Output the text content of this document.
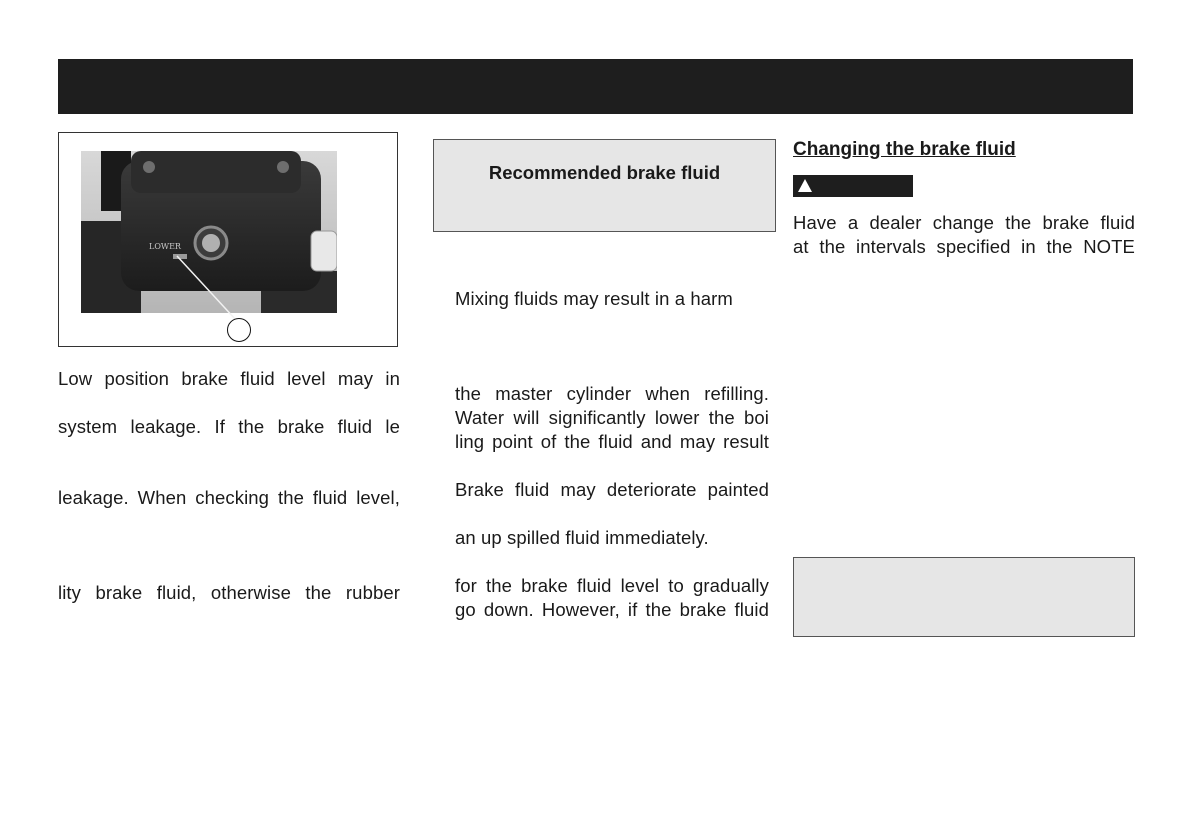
LOWER
Low position brake fluid level may in
system leakage. If the brake fluid le
leakage. When checking the fluid level,
lity brake fluid, otherwise the rubber
Recommended brake fluid
Mixing fluids may result in a harm
the master cylinder when refilling.
Water will significantly lower the boi
ling point of the fluid and may result
Brake fluid may deteriorate painted
an up spilled fluid immediately.
for the brake fluid level to gradually
go down. However, if the brake fluid
Changing the brake fluid
Have a dealer change the brake fluid
at the intervals specified in the NOTE
